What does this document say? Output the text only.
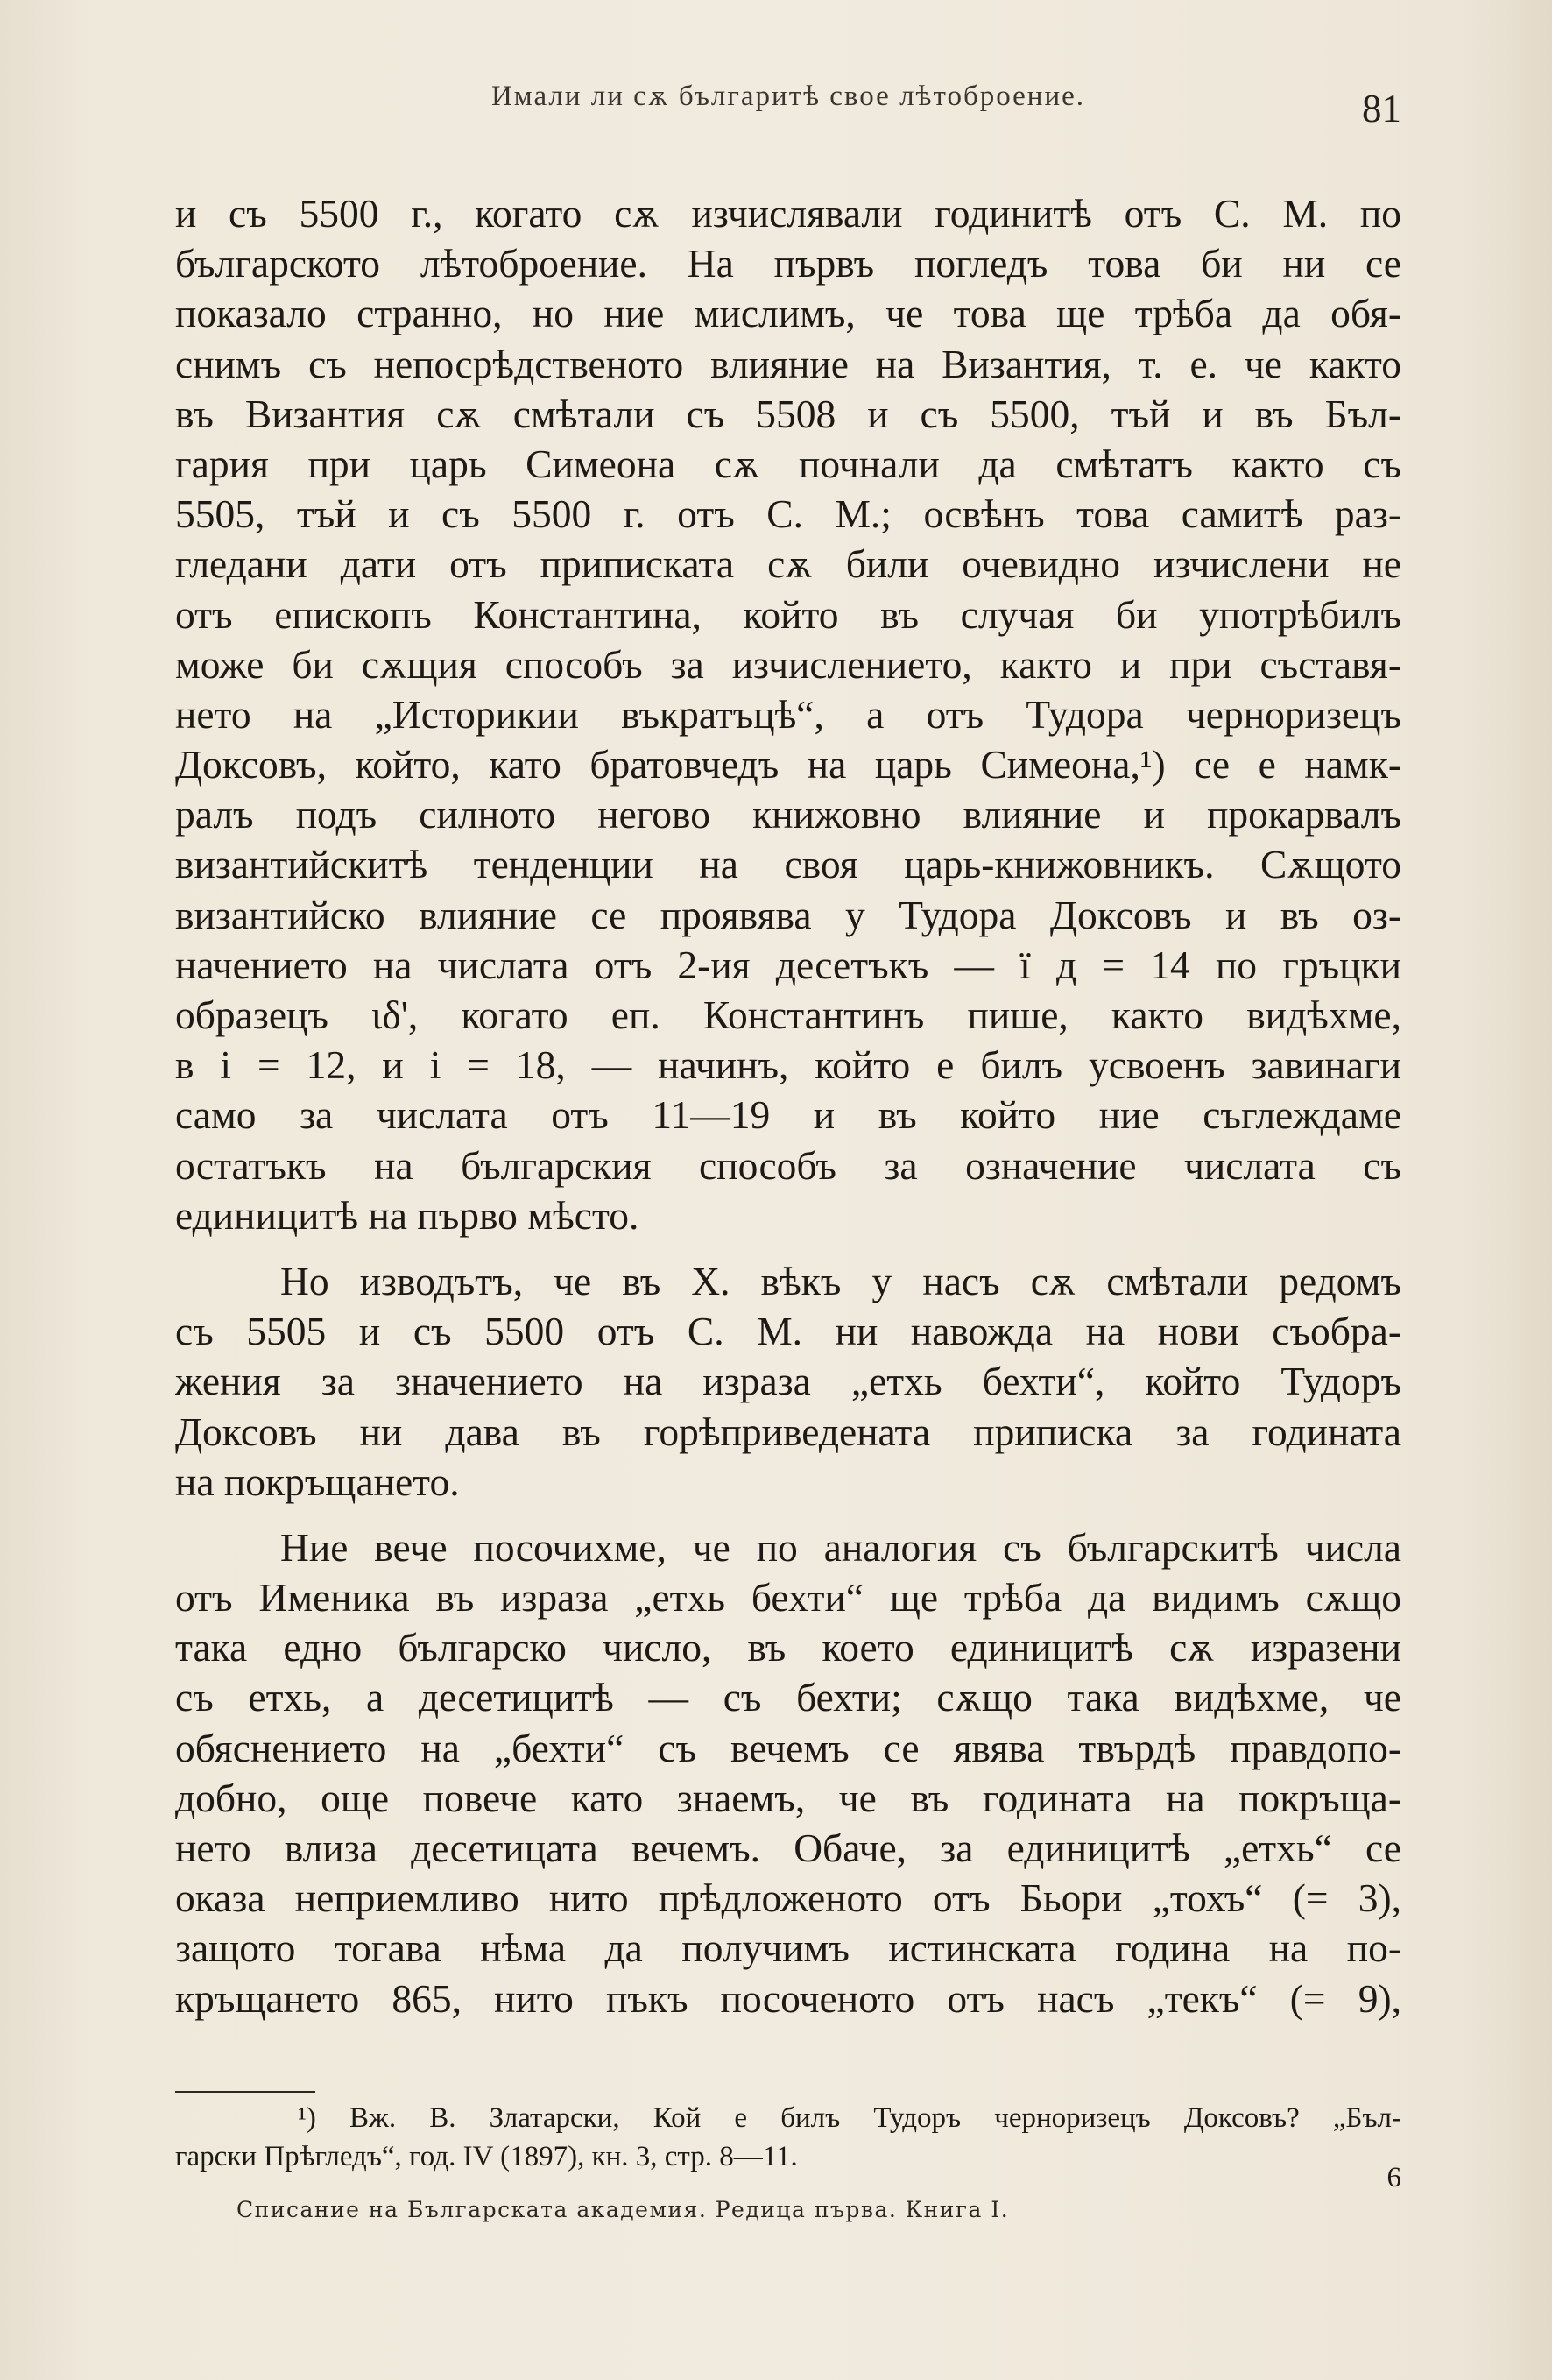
Имали ли сѫ българитѣ свое лѣтоброение.	81
и съ 5500 г., когато сѫ изчислявали годинитѣ отъ С. М. по
българското лѣтоброение. На първъ погледъ това би ни се
показало странно, но ние мислимъ, че това ще трѣба да обя-
снимъ съ непосрѣдственото влияние на Византия, т. е. че както
въ Византия сѫ смѣтали съ 5508 и съ 5500, тъй и въ Бъл-
гария при царь Симеона сѫ почнали да смѣтатъ както съ
5505, тъй и съ 5500 г. отъ С. М.; освѣнъ това самитѣ раз-
гледани дати отъ приписката сѫ били очевидно изчислени не
отъ епископъ Константина, който въ случая би употрѣбилъ
може би сѫщия способъ за изчислението, както и при съставя-
нето на „Историкии въкратъцѣ“, а отъ Тудора черноризецъ
Доксовъ, който, като братовчедъ на царь Симеона,¹) се е намк-
ралъ подъ силното негово книжовно влияние и прокарвалъ
византийскитѣ тенденции на своя царь-книжовникъ. Сѫщото
византийско влияние се проявява у Тудора Доксовъ и въ оз-
начението на числата отъ 2-ия десетъкъ — ї д = 14 по гръцки
образецъ ιδ', когато еп. Константинъ пише, както видѣхме,
в і = 12, и і = 18, — начинъ, който е билъ усвоенъ завинаги
само за числата отъ 11—19 и въ който ние съглеждаме
остатъкъ на българския способъ за означение числата съ
единицитѣ на първо мѣсто.
Но изводътъ, че въ X. вѣкъ у насъ сѫ смѣтали редомъ
съ 5505 и съ 5500 отъ С. М. ни навожда на нови съобра-
жения за значението на израза „етхь бехти“, който Тудоръ
Доксовъ ни дава въ горѣприведената приписка за годината
на покръщането.
Ние вече посочихме, че по аналогия съ българскитѣ числа
отъ Именика въ израза „етхь бехти“ ще трѣба да видимъ сѫщо
така едно българско число, въ което единицитѣ сѫ изразени
съ етхь, а десетицитѣ — съ бехти; сѫщо така видѣхме, че
обяснението на „бехти“ съ вечемъ се явява твърдѣ правдопо-
добно, още повече като знаемъ, че въ годината на покръща-
нето влиза десетицата вечемъ. Обаче, за единицитѣ „етхь“ се
оказа неприемливо нито прѣдложеното отъ Бьори „тохъ“ (= 3),
защото тогава нѣма да получимъ истинската година на по-
кръщането 865, нито пъкъ посоченото отъ насъ „текъ“ (= 9),
¹) Вж. В. Златарски, Кой е билъ Тудоръ черноризецъ Доксовъ? „Бъл-
гарски Прѣгледъ“, год. IV (1897), кн. 3, стр. 8—11.
6
Списание на Българската академия. Редица първа. Книга I.
